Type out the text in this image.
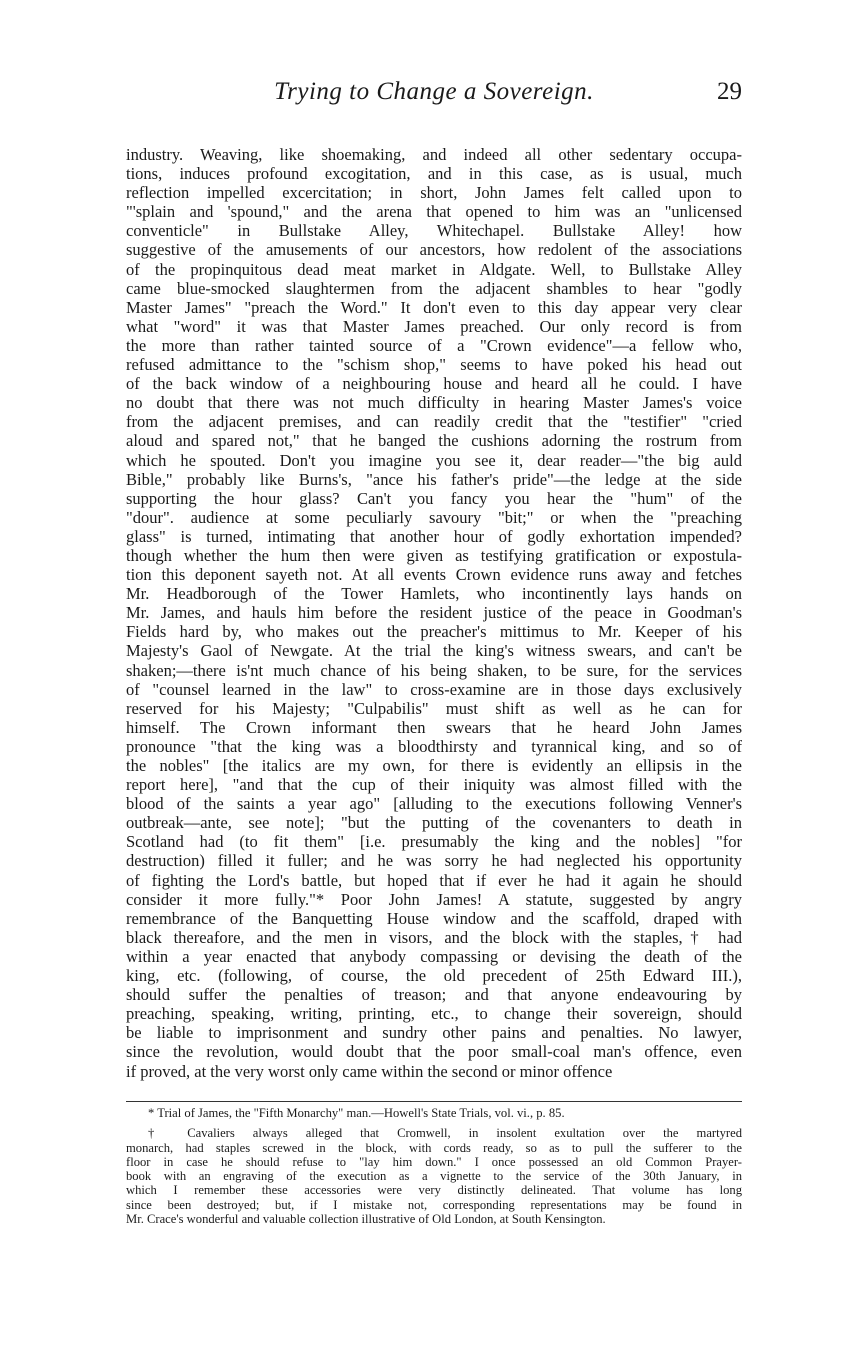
Trying to Change a Sovereign.	29
industry. Weaving, like shoemaking, and indeed all other sedentary occupa-
tions, induces profound excogitation, and in this case, as is usual, much
reflection impelled excercitation; in short, John James felt called upon to
"'splain and 'spound," and the arena that opened to him was an "unlicensed
conventicle" in Bullstake Alley, Whitechapel. Bullstake Alley! how
suggestive of the amusements of our ancestors, how redolent of the associations
of the propinquitous dead meat market in Aldgate. Well, to Bullstake Alley
came blue-smocked slaughtermen from the adjacent shambles to hear "godly
Master James" "preach the Word." It don't even to this day appear very clear
what "word" it was that Master James preached. Our only record is from
the more than rather tainted source of a "Crown evidence"—a fellow who,
refused admittance to the "schism shop," seems to have poked his head out
of the back window of a neighbouring house and heard all he could. I have
no doubt that there was not much difficulty in hearing Master James's voice
from the adjacent premises, and can readily credit that the "testifier" "cried
aloud and spared not," that he banged the cushions adorning the rostrum from
which he spouted. Don't you imagine you see it, dear reader—"the big auld
Bible," probably like Burns's, "ance his father's pride"—the ledge at the side
supporting the hour glass? Can't you fancy you hear the "hum" of the
"dour". audience at some peculiarly savoury "bit;" or when the "preaching
glass" is turned, intimating that another hour of godly exhortation impended?
though whether the hum then were given as testifying gratification or expostula-
tion this deponent sayeth not. At all events Crown evidence runs away and fetches
Mr. Headborough of the Tower Hamlets, who incontinently lays hands on
Mr. James, and hauls him before the resident justice of the peace in Goodman's
Fields hard by, who makes out the preacher's mittimus to Mr. Keeper of his
Majesty's Gaol of Newgate. At the trial the king's witness swears, and can't be
shaken;—there is'nt much chance of his being shaken, to be sure, for the services
of "counsel learned in the law" to cross-examine are in those days exclusively
reserved for his Majesty; "Culpabilis" must shift as well as he can for
himself. The Crown informant then swears that he heard John James
pronounce "that the king was a bloodthirsty and tyrannical king, and so of
the nobles" [the italics are my own, for there is evidently an ellipsis in the
report here], "and that the cup of their iniquity was almost filled with the
blood of the saints a year ago" [alluding to the executions following Venner's
outbreak—ante, see note]; "but the putting of the covenanters to death in
Scotland had (to fit them" [i.e. presumably the king and the nobles] "for
destruction) filled it fuller; and he was sorry he had neglected his opportunity
of fighting the Lord's battle, but hoped that if ever he had it again he should
consider it more fully."* Poor John James! A statute, suggested by angry
remembrance of the Banquetting House window and the scaffold, draped with
black thereafore, and the men in visors, and the block with the staples,† had
within a year enacted that anybody compassing or devising the death of the
king, etc. (following, of course, the old precedent of 25th Edward III.),
should suffer the penalties of treason; and that anyone endeavouring by
preaching, speaking, writing, printing, etc., to change their sovereign, should
be liable to imprisonment and sundry other pains and penalties. No lawyer,
since the revolution, would doubt that the poor small-coal man's offence, even
if proved, at the very worst only came within the second or minor offence
* Trial of James, the "Fifth Monarchy" man.—Howell's State Trials, vol. vi., p. 85.
† Cavaliers always alleged that Cromwell, in insolent exultation over the martyred
monarch, had staples screwed in the block, with cords ready, so as to pull the sufferer to the
floor in case he should refuse to "lay him down." I once possessed an old Common Prayer-
book with an engraving of the execution as a vignette to the service of the 30th January, in
which I remember these accessories were very distinctly delineated. That volume has long
since been destroyed; but, if I mistake not, corresponding representations may be found in
Mr. Crace's wonderful and valuable collection illustrative of Old London, at South Kensington.
